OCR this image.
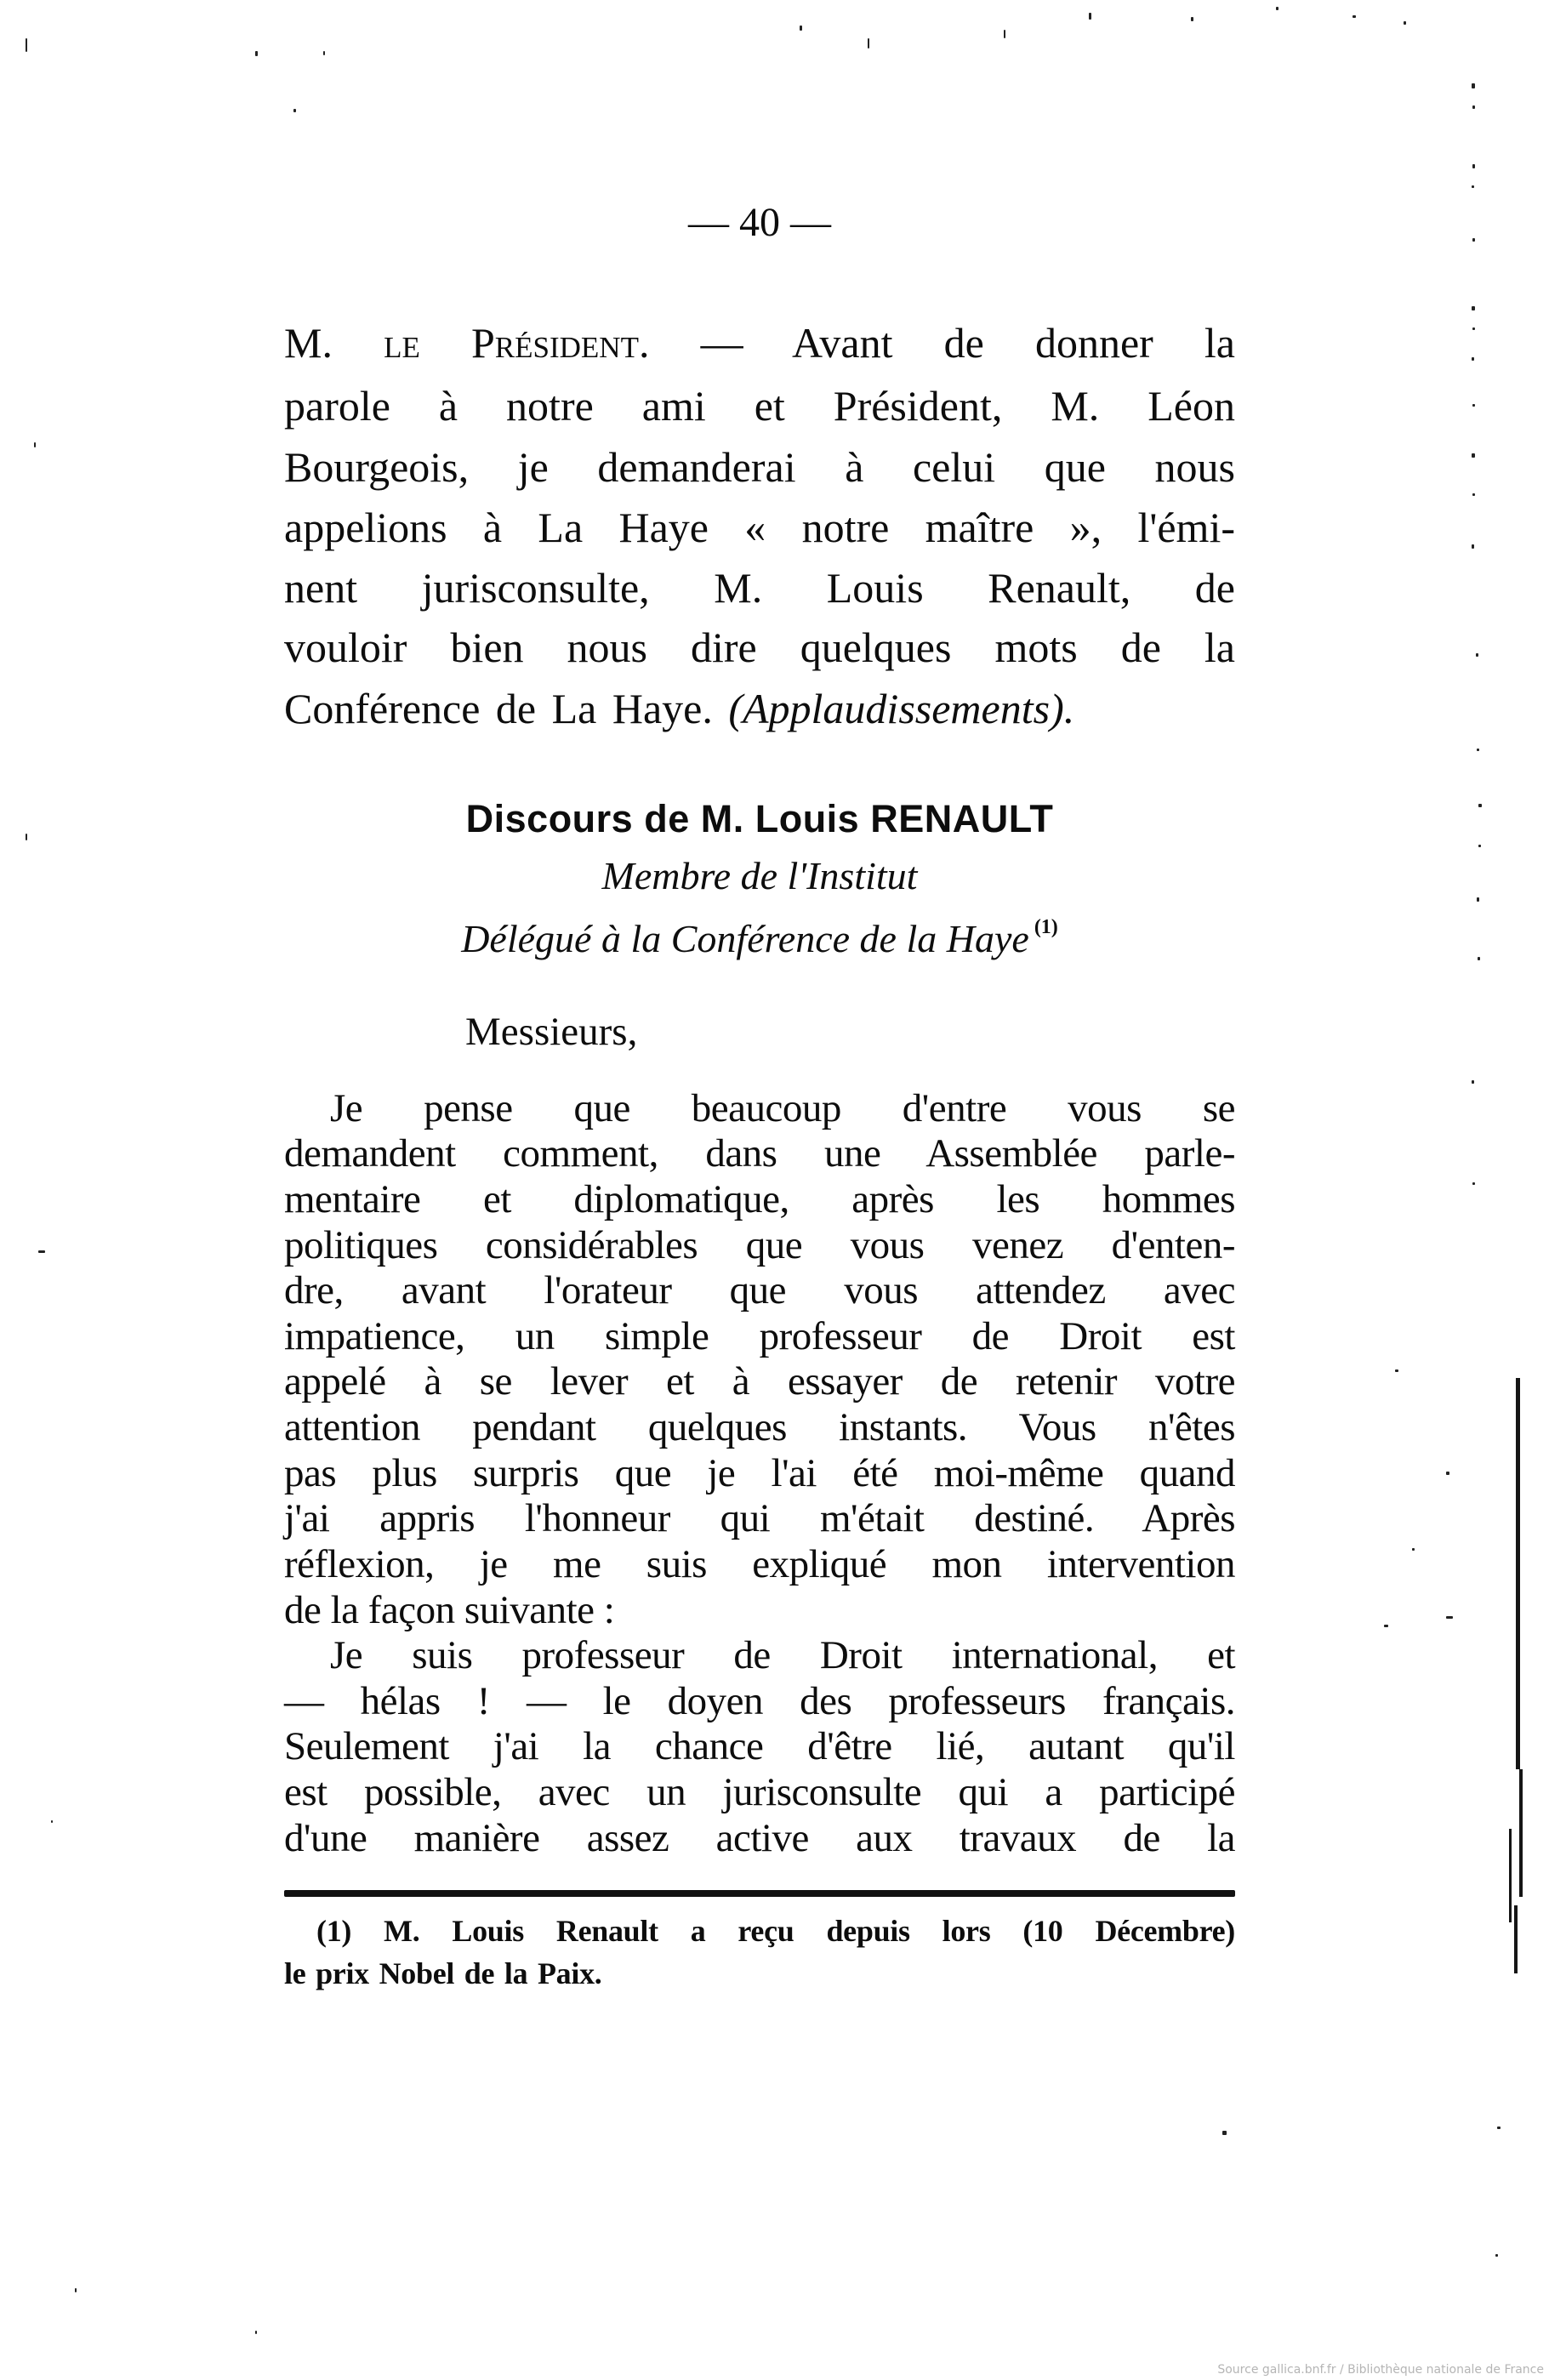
— 40 —
M. le Président. — Avant de donner la
parole à notre ami et Président, M. Léon
Bourgeois, je demanderai à celui que nous
appelions à La Haye « notre maître », l'émi-
nent jurisconsulte, M. Louis Renault, de
vouloir bien nous dire quelques mots de la
Conférence de La Haye. (Applaudissements).
Discours de M. Louis RENAULT
Membre de l'Institut
Délégué à la Conférence de la Haye $^{(1)}$
Messieurs,
Je pense que beaucoup d'entre vous se
demandent comment, dans une Assemblée parle-
mentaire et diplomatique, après les hommes
politiques considérables que vous venez d'enten-
dre, avant l'orateur que vous attendez avec
impatience, un simple professeur de Droit est
appelé à se lever et à essayer de retenir votre
attention pendant quelques instants. Vous n'êtes
pas plus surpris que je l'ai été moi-même quand
j'ai appris l'honneur qui m'était destiné. Après
réflexion, je me suis expliqué mon intervention
de la façon suivante :
Je suis professeur de Droit international, et
— hélas ! — le doyen des professeurs français.
Seulement j'ai la chance d'être lié, autant qu'il
est possible, avec un jurisconsulte qui a participé
d'une manière assez active aux travaux de la
(1) M. Louis Renault a reçu depuis lors (10 Décembre)
le prix Nobel de la Paix.
Source gallica.bnf.fr / Bibliothèque nationale de France
